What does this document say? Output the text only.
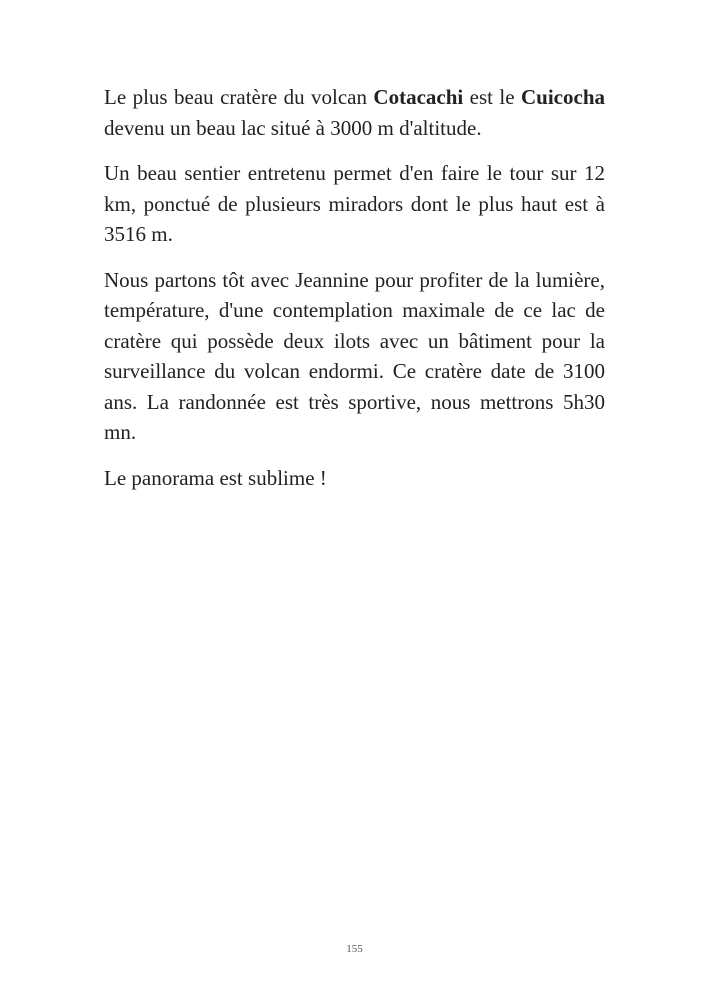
Le plus beau cratère du volcan Cotacachi est le Cuicocha devenu un beau lac situé à 3000 m d'altitude.

Un beau sentier entretenu permet d'en faire le tour sur 12 km, ponctué de plusieurs miradors dont le plus haut est à 3516 m.

Nous partons tôt avec Jeannine pour profiter de la lumière, température, d'une contemplation maximale de ce lac de cratère qui possède deux ilots avec un bâtiment pour la surveillance du volcan endormi. Ce cratère date de 3100 ans. La randonnée est très sportive, nous mettrons 5h30 mn.

Le panorama est sublime !

155
